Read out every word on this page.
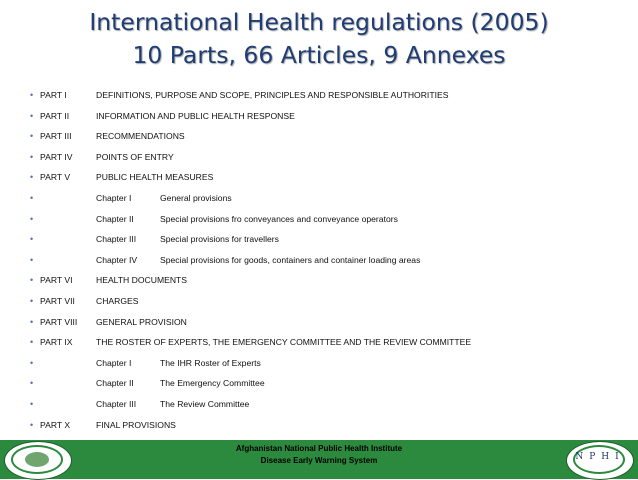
International Health regulations (2005)
10 Parts, 66 Articles, 9 Annexes
• PART I	DEFINITIONS, PURPOSE AND SCOPE, PRINCIPLES AND RESPONSIBLE AUTHORITIES
• PART II	INFORMATION AND PUBLIC HEALTH RESPONSE
• PART III	RECOMMENDATIONS
• PART IV	POINTS OF ENTRY
• PART V	PUBLIC HEALTH MEASURES
•	Chapter I	General provisions
•	Chapter II	Special provisions fro conveyances and conveyance operators
•	Chapter III	Special provisions for travellers
•	Chapter IV	Special provisions for goods, containers and container loading areas
• PART VI	HEALTH DOCUMENTS
• PART VII CHARGES
• PART VIII GENERAL PROVISION
• PART IX	THE ROSTER OF EXPERTS, THE EMERGENCY COMMITTEE AND THE REVIEW COMMITTEE
•	Chapter I	The IHR Roster of Experts
•	Chapter II	The Emergency Committee
•	Chapter III	The Review Committee
• PART X	FINAL PROVISIONS
Afghanistan National Public Health Institute
Disease Early Warning System	NPHI
